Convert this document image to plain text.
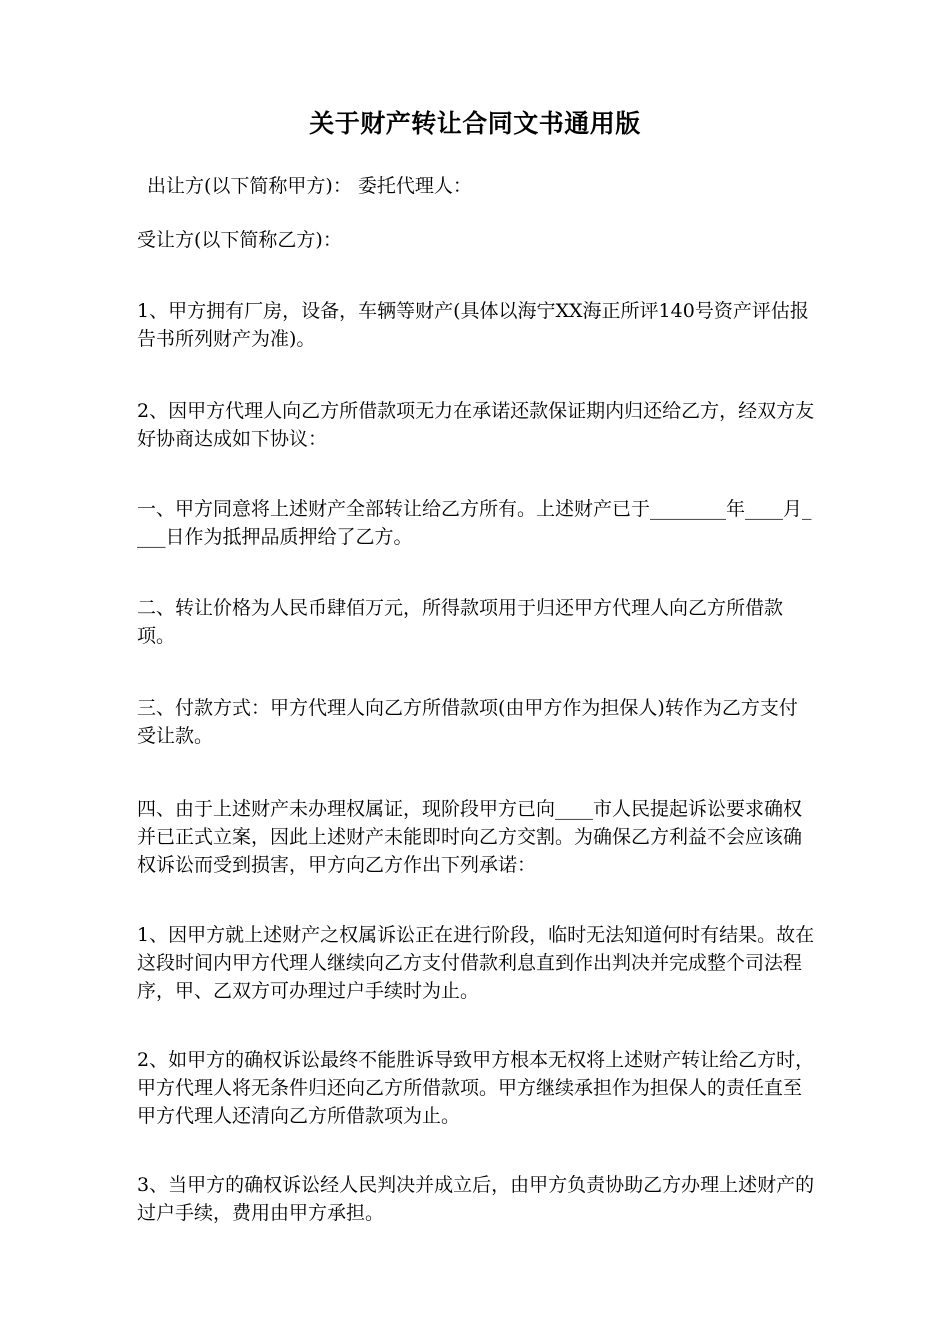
关于财产转让合同文书通用版
出让方(以下简称甲方)： 委托代理人：
受让方(以下简称乙方)：
1、甲方拥有厂房，设备，车辆等财产(具体以海宁XX海正所评140号资产评估报告书所列财产为准)。
2、因甲方代理人向乙方所借款项无力在承诺还款保证期内归还给乙方，经双方友好协商达成如下协议：
一、甲方同意将上述财产全部转让给乙方所有。上述财产已于________年____月____日作为抵押品质押给了乙方。
二、转让价格为人民币肆佰万元，所得款项用于归还甲方代理人向乙方所借款项。
三、付款方式：甲方代理人向乙方所借款项(由甲方作为担保人)转作为乙方支付受让款。
四、由于上述财产未办理权属证，现阶段甲方已向____市人民提起诉讼要求确权并已正式立案，因此上述财产未能即时向乙方交割。为确保乙方利益不会应该确权诉讼而受到损害，甲方向乙方作出下列承诺：
1、因甲方就上述财产之权属诉讼正在进行阶段，临时无法知道何时有结果。故在这段时间内甲方代理人继续向乙方支付借款利息直到作出判决并完成整个司法程序，甲、乙双方可办理过户手续时为止。
2、如甲方的确权诉讼最终不能胜诉导致甲方根本无权将上述财产转让给乙方时，甲方代理人将无条件归还向乙方所借款项。甲方继续承担作为担保人的责任直至甲方代理人还清向乙方所借款项为止。
3、当甲方的确权诉讼经人民判决并成立后，由甲方负责协助乙方办理上述财产的过户手续，费用由甲方承担。
